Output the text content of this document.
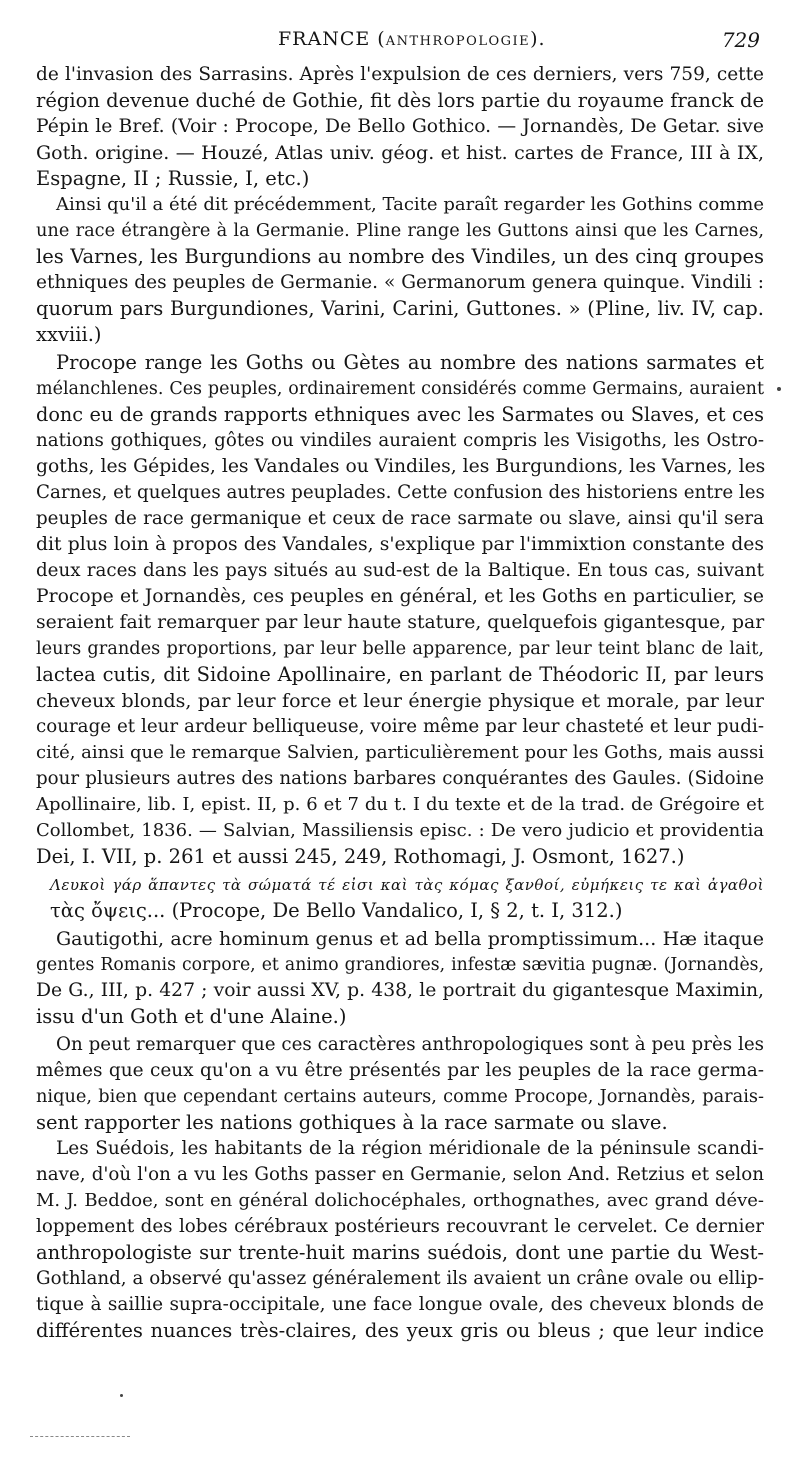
FRANCE (ANTHROPOLOGIE).	729
de l'invasion des Sarrasins. Après l'expulsion de ces derniers, vers 759, cette
région devenue duché de Gothie, fit dès lors partie du royaume franck de
Pépin le Bref. (Voir : Procope, De Bello Gothico. — Jornandès, De Getar. sive
Goth. origine. — Houzé, Atlas univ. géog. et hist. cartes de France, III à IX,
Espagne, II ; Russie, I, etc.)
Ainsi qu'il a été dit précédemment, Tacite paraît regarder les Gothins comme
une race étrangère à la Germanie. Pline range les Guttons ainsi que les Carnes,
les Varnes, les Burgundions au nombre des Vindiles, un des cinq groupes
ethniques des peuples de Germanie. « Germanorum genera quinque. Vindili :
quorum pars Burgundiones, Varini, Carini, Guttones. » (Pline, liv. IV, cap.
xxviii.)
Procope range les Goths ou Gètes au nombre des nations sarmates et
mélanchlenes. Ces peuples, ordinairement considérés comme Germains, auraient
donc eu de grands rapports ethniques avec les Sarmates ou Slaves, et ces
nations gothiques, gôtes ou vindiles auraient compris les Visigoths, les Ostro-
goths, les Gépides, les Vandales ou Vindiles, les Burgundions, les Varnes, les
Carnes, et quelques autres peuplades. Cette confusion des historiens entre les
peuples de race germanique et ceux de race sarmate ou slave, ainsi qu'il sera
dit plus loin à propos des Vandales, s'explique par l'immixtion constante des
deux races dans les pays situés au sud-est de la Baltique. En tous cas, suivant
Procope et Jornandès, ces peuples en général, et les Goths en particulier, se
seraient fait remarquer par leur haute stature, quelquefois gigantesque, par
leurs grandes proportions, par leur belle apparence, par leur teint blanc de lait,
lactea cutis, dit Sidoine Apollinaire, en parlant de Théodoric II, par leurs
cheveux blonds, par leur force et leur énergie physique et morale, par leur
courage et leur ardeur belliqueuse, voire même par leur chasteté et leur pudi-
cité, ainsi que le remarque Salvien, particulièrement pour les Goths, mais aussi
pour plusieurs autres des nations barbares conquérantes des Gaules. (Sidoine
Apollinaire, lib. I, epist. II, p. 6 et 7 du t. I du texte et de la trad. de Grégoire et
Collombet, 1836. — Salvian, Massiliensis episc. : De vero judicio et providentia
Dei, I. VII, p. 261 et aussi 245, 249, Rothomagi, J. Osmont, 1627.)
Λευκοὶ γάρ ἅπαντες τὰ σώματά τέ εἰσι καὶ τὰς κόμας ξανθοί, εὐμήκεις τε καὶ ἀγαθοὶ
τὰς ὄψεις... (Procope, De Bello Vandalico, I, § 2, t. I, 312.)
Gautigothi, acre hominum genus et ad bella promptissimum... Hæ itaque
gentes Romanis corpore, et animo grandiores, infestæ sævitia pugnæ. (Jornandès,
De G., III, p. 427 ; voir aussi XV, p. 438, le portrait du gigantesque Maximin,
issu d'un Goth et d'une Alaine.)
On peut remarquer que ces caractères anthropologiques sont à peu près les
mêmes que ceux qu'on a vu être présentés par les peuples de la race germa-
nique, bien que cependant certains auteurs, comme Procope, Jornandès, parais-
sent rapporter les nations gothiques à la race sarmate ou slave.
Les Suédois, les habitants de la région méridionale de la péninsule scandi-
nave, d'où l'on a vu les Goths passer en Germanie, selon And. Retzius et selon
M. J. Beddoe, sont en général dolichocéphales, orthognathes, avec grand déve-
loppement des lobes cérébraux postérieurs recouvrant le cervelet. Ce dernier
anthropologiste sur trente-huit marins suédois, dont une partie du West-
Gothland, a observé qu'assez généralement ils avaient un crâne ovale ou ellip-
tique à saillie supra-occipitale, une face longue ovale, des cheveux blonds de
différentes nuances très-claires, des yeux gris ou bleus ; que leur indice
